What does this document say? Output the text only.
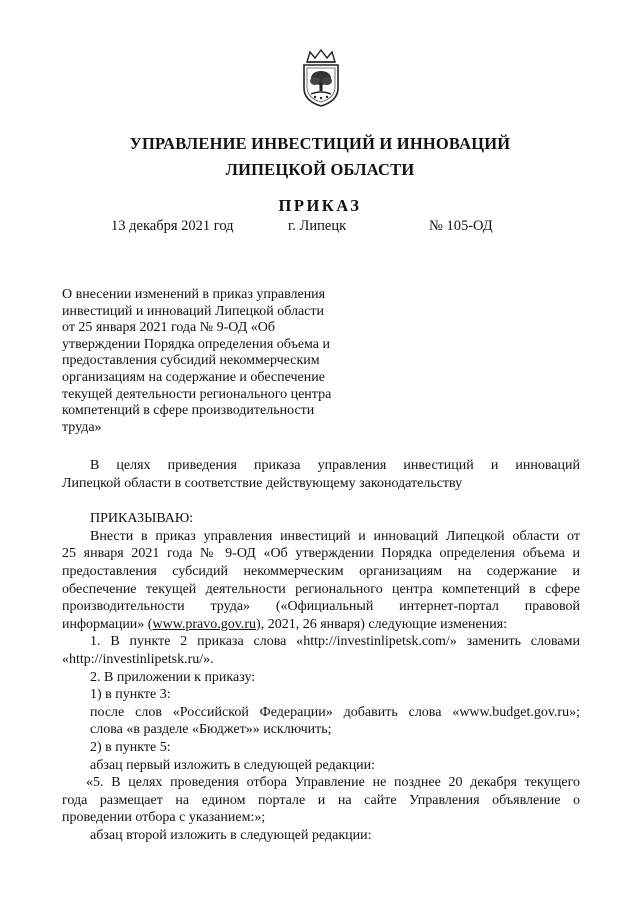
УПРАВЛЕНИЕ ИНВЕСТИЦИЙ И ИННОВАЦИЙ
ЛИПЕЦКОЙ ОБЛАСТИ
ПРИКАЗ
13 декабря 2021 год	г. Липецк	№ 105-ОД
О внесении изменений в приказ управления
инвестиций и инноваций Липецкой области
от 25 января 2021 года № 9-ОД «Об
утверждении Порядка определения объема и
предоставления субсидий некоммерческим
организациям на содержание и обеспечение
текущей деятельности регионального центра
компетенций в сфере производительности
труда»
В целях приведения приказа управления инвестиций и инноваций
Липецкой области в соответствие действующему законодательству
ПРИКАЗЫВАЮ:
Внести в приказ управления инвестиций и инноваций Липецкой области от
25 января 2021 года № 9-ОД «Об утверждении Порядка определения объема и
предоставления субсидий некоммерческим организациям на содержание и
обеспечение текущей деятельности регионального центра компетенций в сфере
производительности труда» («Официальный интернет-портал правовой
информации» (www.pravo.gov.ru), 2021, 26 января) следующие изменения:
1. В пункте 2 приказа слова «http://investinlipetsk.com/» заменить словами
«http://investinlipetsk.ru/».
2. В приложении к приказу:
1) в пункте 3:
после слов «Российской Федерации» добавить слова «www.budget.gov.ru»;
слова «в разделе «Бюджет»» исключить;
2) в пункте 5:
абзац первый изложить в следующей редакции:
«5. В целях проведения отбора Управление не позднее 20 декабря текущего
года размещает на едином портале и на сайте Управления объявление о
проведении отбора с указанием:»;
абзац второй изложить в следующей редакции:
